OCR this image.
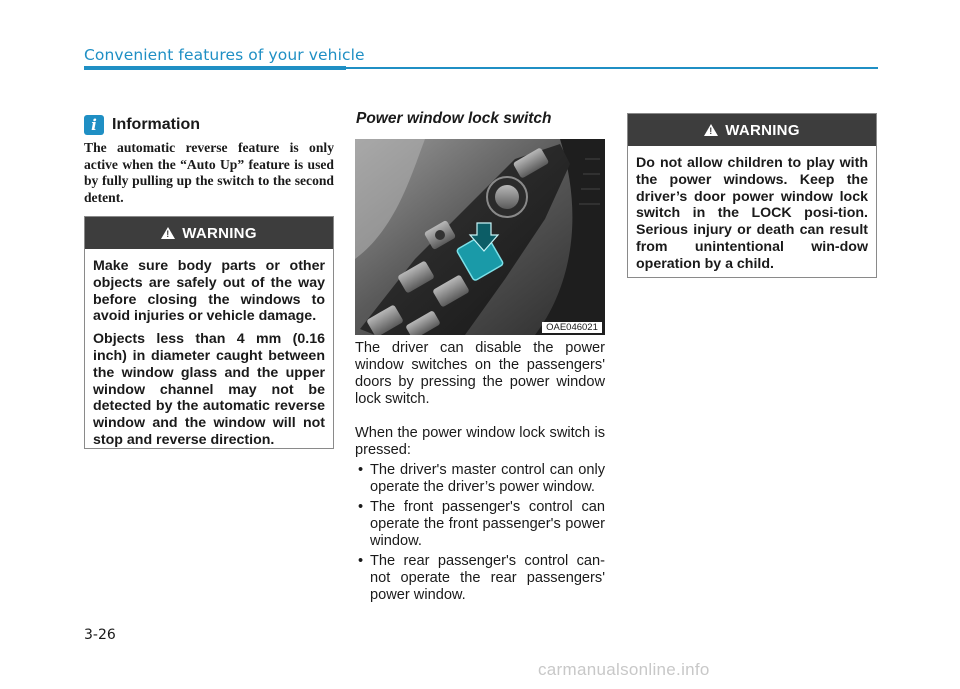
Convenient features of your vehicle
i Information
The automatic reverse feature is only active when the “Auto Up” feature is used by fully pulling up the switch to the second detent.
!
WARNING

Make sure body parts or other objects are safely out of the way before closing the windows to avoid injuries or vehicle damage.

Objects less than 4 mm (0.16 inch) in diameter caught between the window glass and the upper window channel may not be detected by the automatic reverse window and the window will not stop and reverse direction.

Power window lock switch
OAE046021

The driver can disable the power window switches on the passengers' doors by pressing the power window lock switch.

When the power window lock switch is pressed:

• The driver's master control can only operate the driver’s power window.
• The front passenger's control can operate the front passenger's power window.
• The rear passenger's control can-not operate the rear passengers' power window.
!
WARNING

Do not allow children to play with the power windows. Keep the driver’s door power window lock switch in the LOCK posi-tion. Serious injury or death can result from unintentional win-dow operation by a child.

3-26
carmanualsonline.info
